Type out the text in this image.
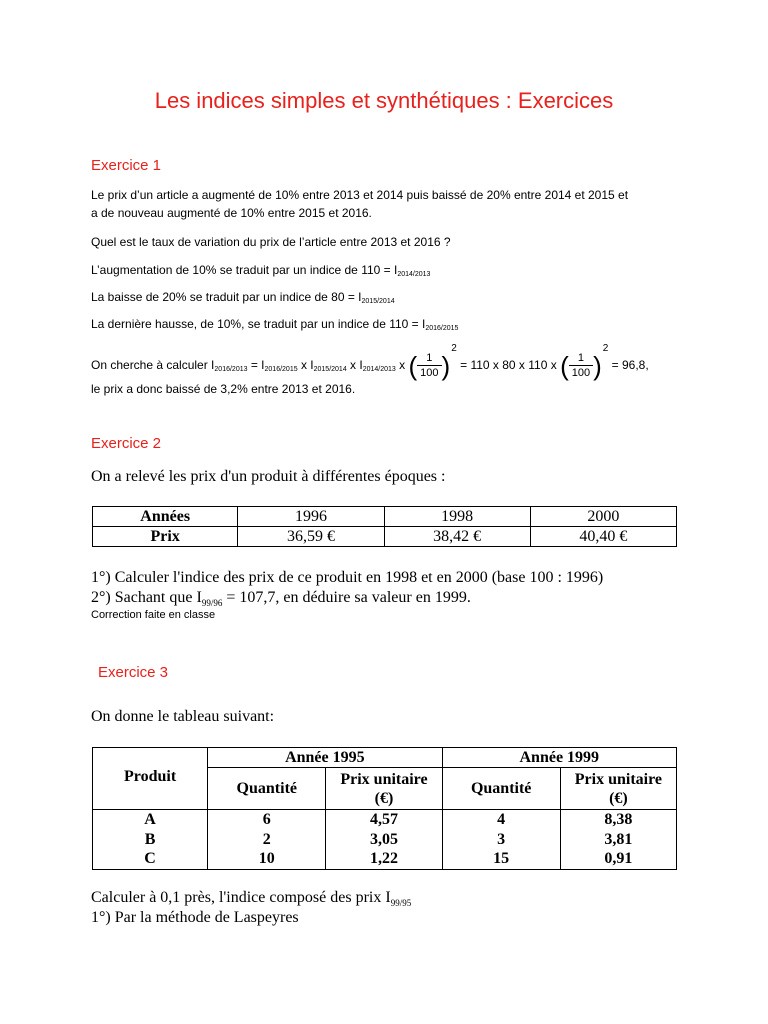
Les indices simples et synthétiques : Exercices
Exercice 1
Le prix d’un article a augmenté de 10% entre 2013 et 2014 puis baissé de 20% entre 2014 et 2015 et
a de nouveau augmenté de 10% entre 2015 et 2016.
Quel est le taux de variation du prix de l’article entre 2013 et 2016 ?
L’augmentation de 10% se traduit par un indice de $110 = I_{2014/2013}$
La baisse de 20% se traduit par un indice de $80 = I_{2015/2014}$
La dernière hausse, de 10%, se traduit par un indice de $110 = I_{2016/2015}$
On cherche à calculer $I_{2016/2013} = I_{2016/2015}$ x $I_{2015/2014}$ x $I_{2014/2013}$ x ( $\frac{1}{100} )^2 = 110$ x 80 x 110 x ( $\frac{1}{100} )^2 = 96,8$,
le prix a donc baissé de 3,2% entre 2013 et 2016.
Exercice 2
On a relevé les prix d'un produit à différentes époques :
Années	1996	1998	2000
Prix	36,59 €	38,42 €	40,40 €
1°) Calculer l'indice des prix de ce produit en 1998 et en 2000 (base 100 : 1996)
2°) Sachant que $I_{99/96} = 107,7$, en déduire sa valeur en 1999.
Correction faite en classe
Exercice 3
On donne le tableau suivant:
Produit	Année 1995		Année 1999	
	Quantité	Prix unitaire
(€)	Quantité	Prix unitaire
(€)
A	6	4,57	4	8,38
B	2	3,05	3	3,81
C	10	1,22	15	0,91
Calculer à 0,1 près, l'indice composé des prix $I_{99/95}$
1°) Par la méthode de Laspeyres
